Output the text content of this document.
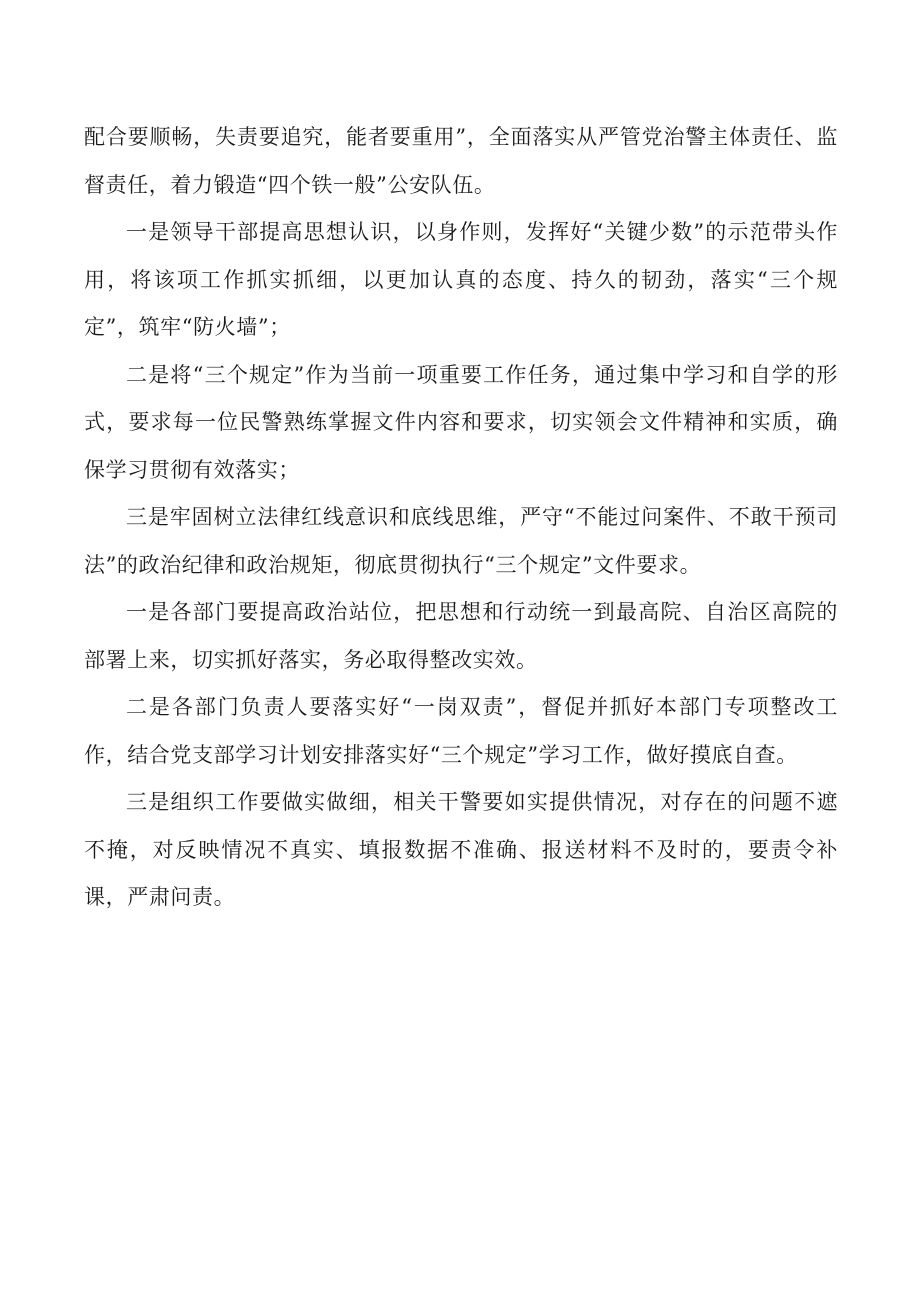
配合要顺畅，失责要追究，能者要重用”，全面落实从严管党治警主体责任、监督责任，着力锻造“四个铁一般”公安队伍。

一是领导干部提高思想认识，以身作则，发挥好“关键少数”的示范带头作用，将该项工作抓实抓细，以更加认真的态度、持久的韧劲，落实“三个规定”，筑牢“防火墙”；

二是将“三个规定”作为当前一项重要工作任务，通过集中学习和自学的形式，要求每一位民警熟练掌握文件内容和要求，切实领会文件精神和实质，确保学习贯彻有效落实；

三是牢固树立法律红线意识和底线思维，严守“不能过问案件、不敢干预司法”的政治纪律和政治规矩，彻底贯彻执行“三个规定”文件要求。

一是各部门要提高政治站位，把思想和行动统一到最高院、自治区高院的部署上来，切实抓好落实，务必取得整改实效。

二是各部门负责人要落实好“一岗双责”，督促并抓好本部门专项整改工作，结合党支部学习计划安排落实好“三个规定”学习工作，做好摸底自查。

三是组织工作要做实做细，相关干警要如实提供情况，对存在的问题不遮不掩，对反映情况不真实、填报数据不准确、报送材料不及时的，要责令补课，严肃问责。
